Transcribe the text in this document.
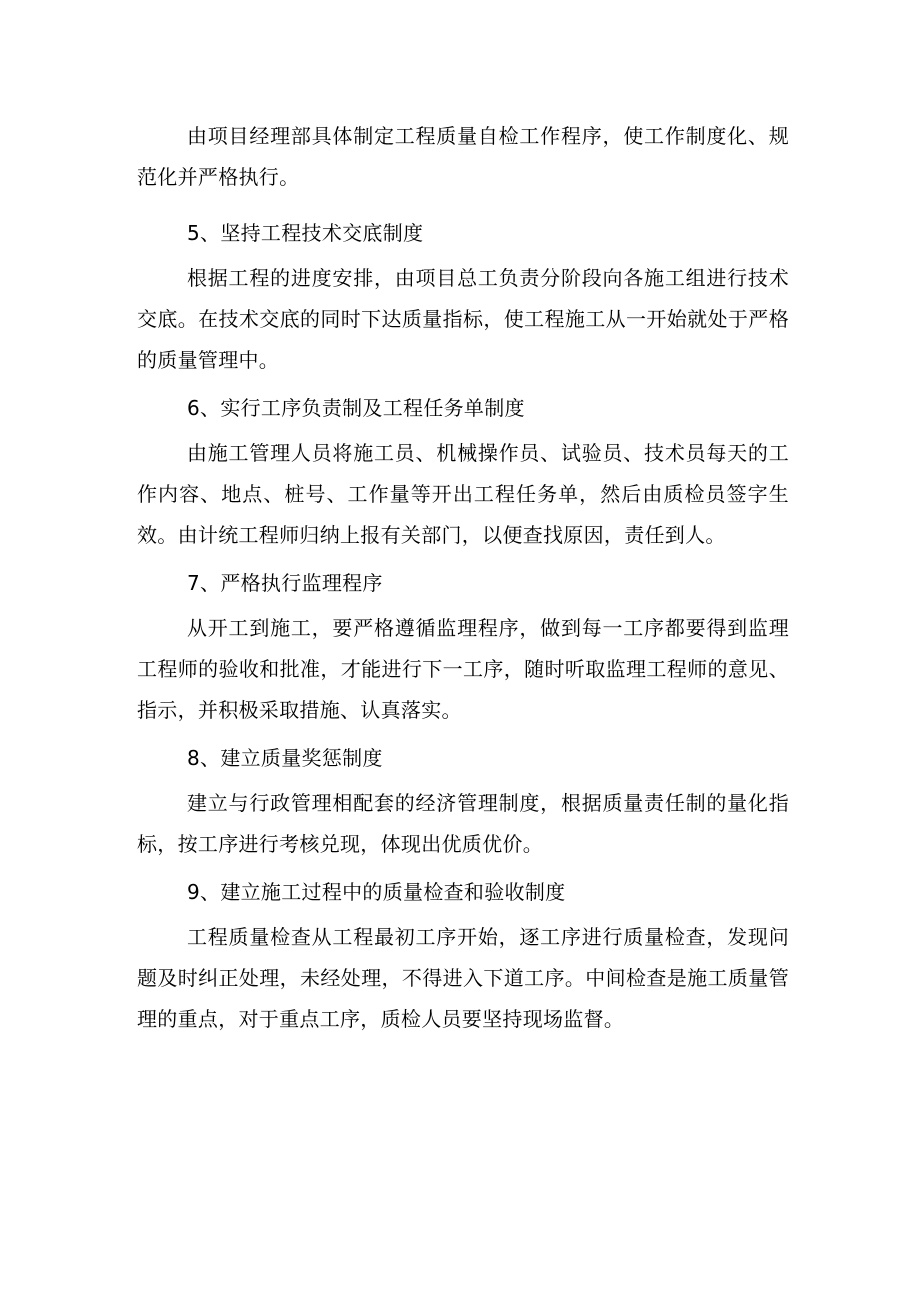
由项目经理部具体制定工程质量自检工作程序，使工作制度化、规范化并严格执行。

5、坚持工程技术交底制度

根据工程的进度安排，由项目总工负责分阶段向各施工组进行技术交底。在技术交底的同时下达质量指标，使工程施工从一开始就处于严格的质量管理中。

6、实行工序负责制及工程任务单制度

由施工管理人员将施工员、机械操作员、试验员、技术员每天的工作内容、地点、桩号、工作量等开出工程任务单，然后由质检员签字生效。由计统工程师归纳上报有关部门，以便查找原因，责任到人。

7、严格执行监理程序

从开工到施工，要严格遵循监理程序，做到每一工序都要得到监理工程师的验收和批准，才能进行下一工序，随时听取监理工程师的意见、指示，并积极采取措施、认真落实。

8、建立质量奖惩制度

建立与行政管理相配套的经济管理制度，根据质量责任制的量化指标，按工序进行考核兑现，体现出优质优价。

9、建立施工过程中的质量检查和验收制度

工程质量检查从工程最初工序开始，逐工序进行质量检查，发现问题及时纠正处理，未经处理，不得进入下道工序。中间检查是施工质量管理的重点，对于重点工序，质检人员要坚持现场监督。
